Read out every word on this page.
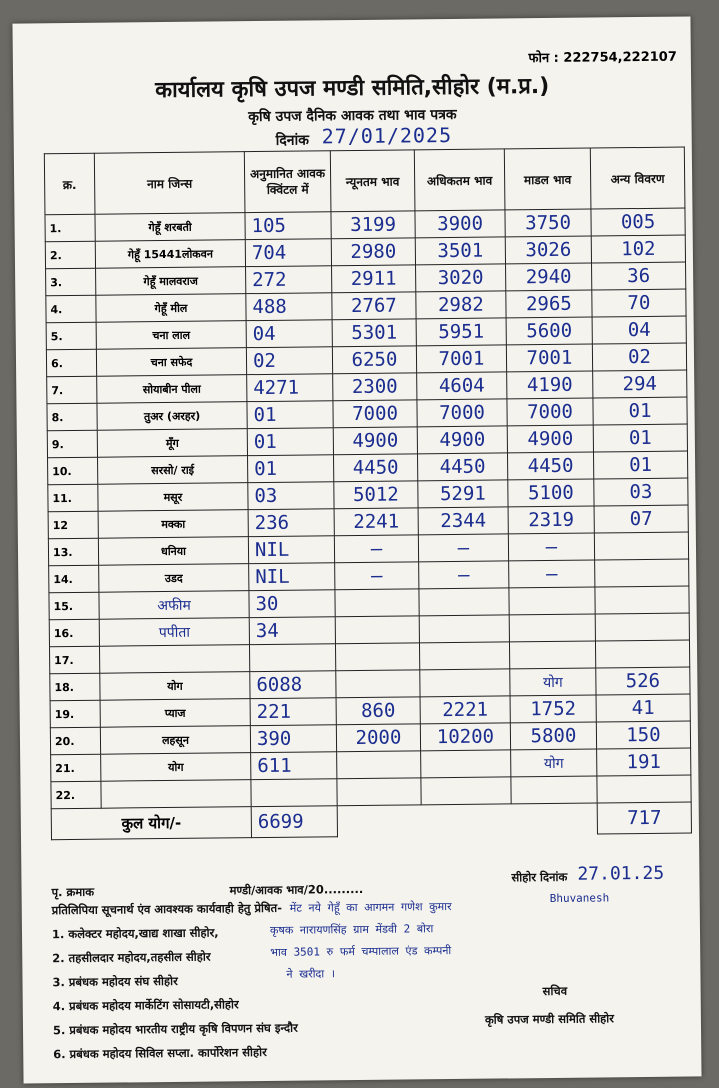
फोन : 222754,222107
कार्यालय कृषि उपज मण्डी समिति,सीहोर (म.प्र.)
कृषि उपज दैनिक आवक तथा भाव पत्रक
दिनांक 27/01/2025
क्र.	नाम जिन्स	अनुमानित आवक क्विंटल में	न्यूनतम भाव	अधिकतम भाव	माडल भाव	अन्य विवरण
1.	गेहूँ शरबती	105	3199	3900	3750	005
2.	गेहूँ 15441लोकवन	704	2980	3501	3026	102
3.	गेहूँ मालवराज	272	2911	3020	2940	36
4.	गेहूँ मील	488	2767	2982	2965	70
5.	चना लाल	04	5301	5951	5600	04
6.	चना सफेद	02	6250	7001	7001	02
7.	सोयाबीन पीला	4271	2300	4604	4190	294
8.	तुअर (अरहर)	01	7000	7000	7000	01
9.	मूँग	01	4900	4900	4900	01
10.	सरसो/ राई	01	4450	4450	4450	01
11.	मसूर	03	5012	5291	5100	03
12	मक्का	236	2241	2344	2319	07
13.	धनिया	NIL	—	—	—	
14.	उडद	NIL	—	—	—	
15.	अफीम	30				
16.	पपीता	34				
17.						
18.	योग	6088			योग	526
19.	प्याज	221	860	2221	1752	41
20.	लहसून	390	2000	10200	5800	150
21.	योग	611			योग	191
22.						
कुल योग/-		6699				717
पृ. क्रमाक	मण्डी/आवक भाव/20.........
सीहोर दिनांक 27.01.25
प्रतिलिपिया सूचनार्थ एंव आवश्यक कार्यवाही हेतु प्रेषित-
Bhuvanesh
1. कलेक्टर महोदय,खाद्य शाखा सीहोर,
2. तहसीलदार महोदय,तहसील सीहोर
3. प्रबंधक महोदय संघ सीहोर
4. प्रबंधक महोदय मार्केटिंग सोसायटी,सीहोर
5. प्रबंधक महोदय भारतीय राष्ट्रीय कृषि विपणन संघ इन्दौर
6. प्रबंधक महोदय सिविल सप्ला. कार्पोरेशन सीहोर
मेंट नये गेहूँ का आगमन गणेश कुमार
कृषक नारायणसिंह ग्राम मेंडवी 2 बोरा
भाव 3501 रु फर्म चम्पालाल एंड कम्पनी
ने खरीदा ।
सचिव
कृषि उपज मण्डी समिति सीहोर
